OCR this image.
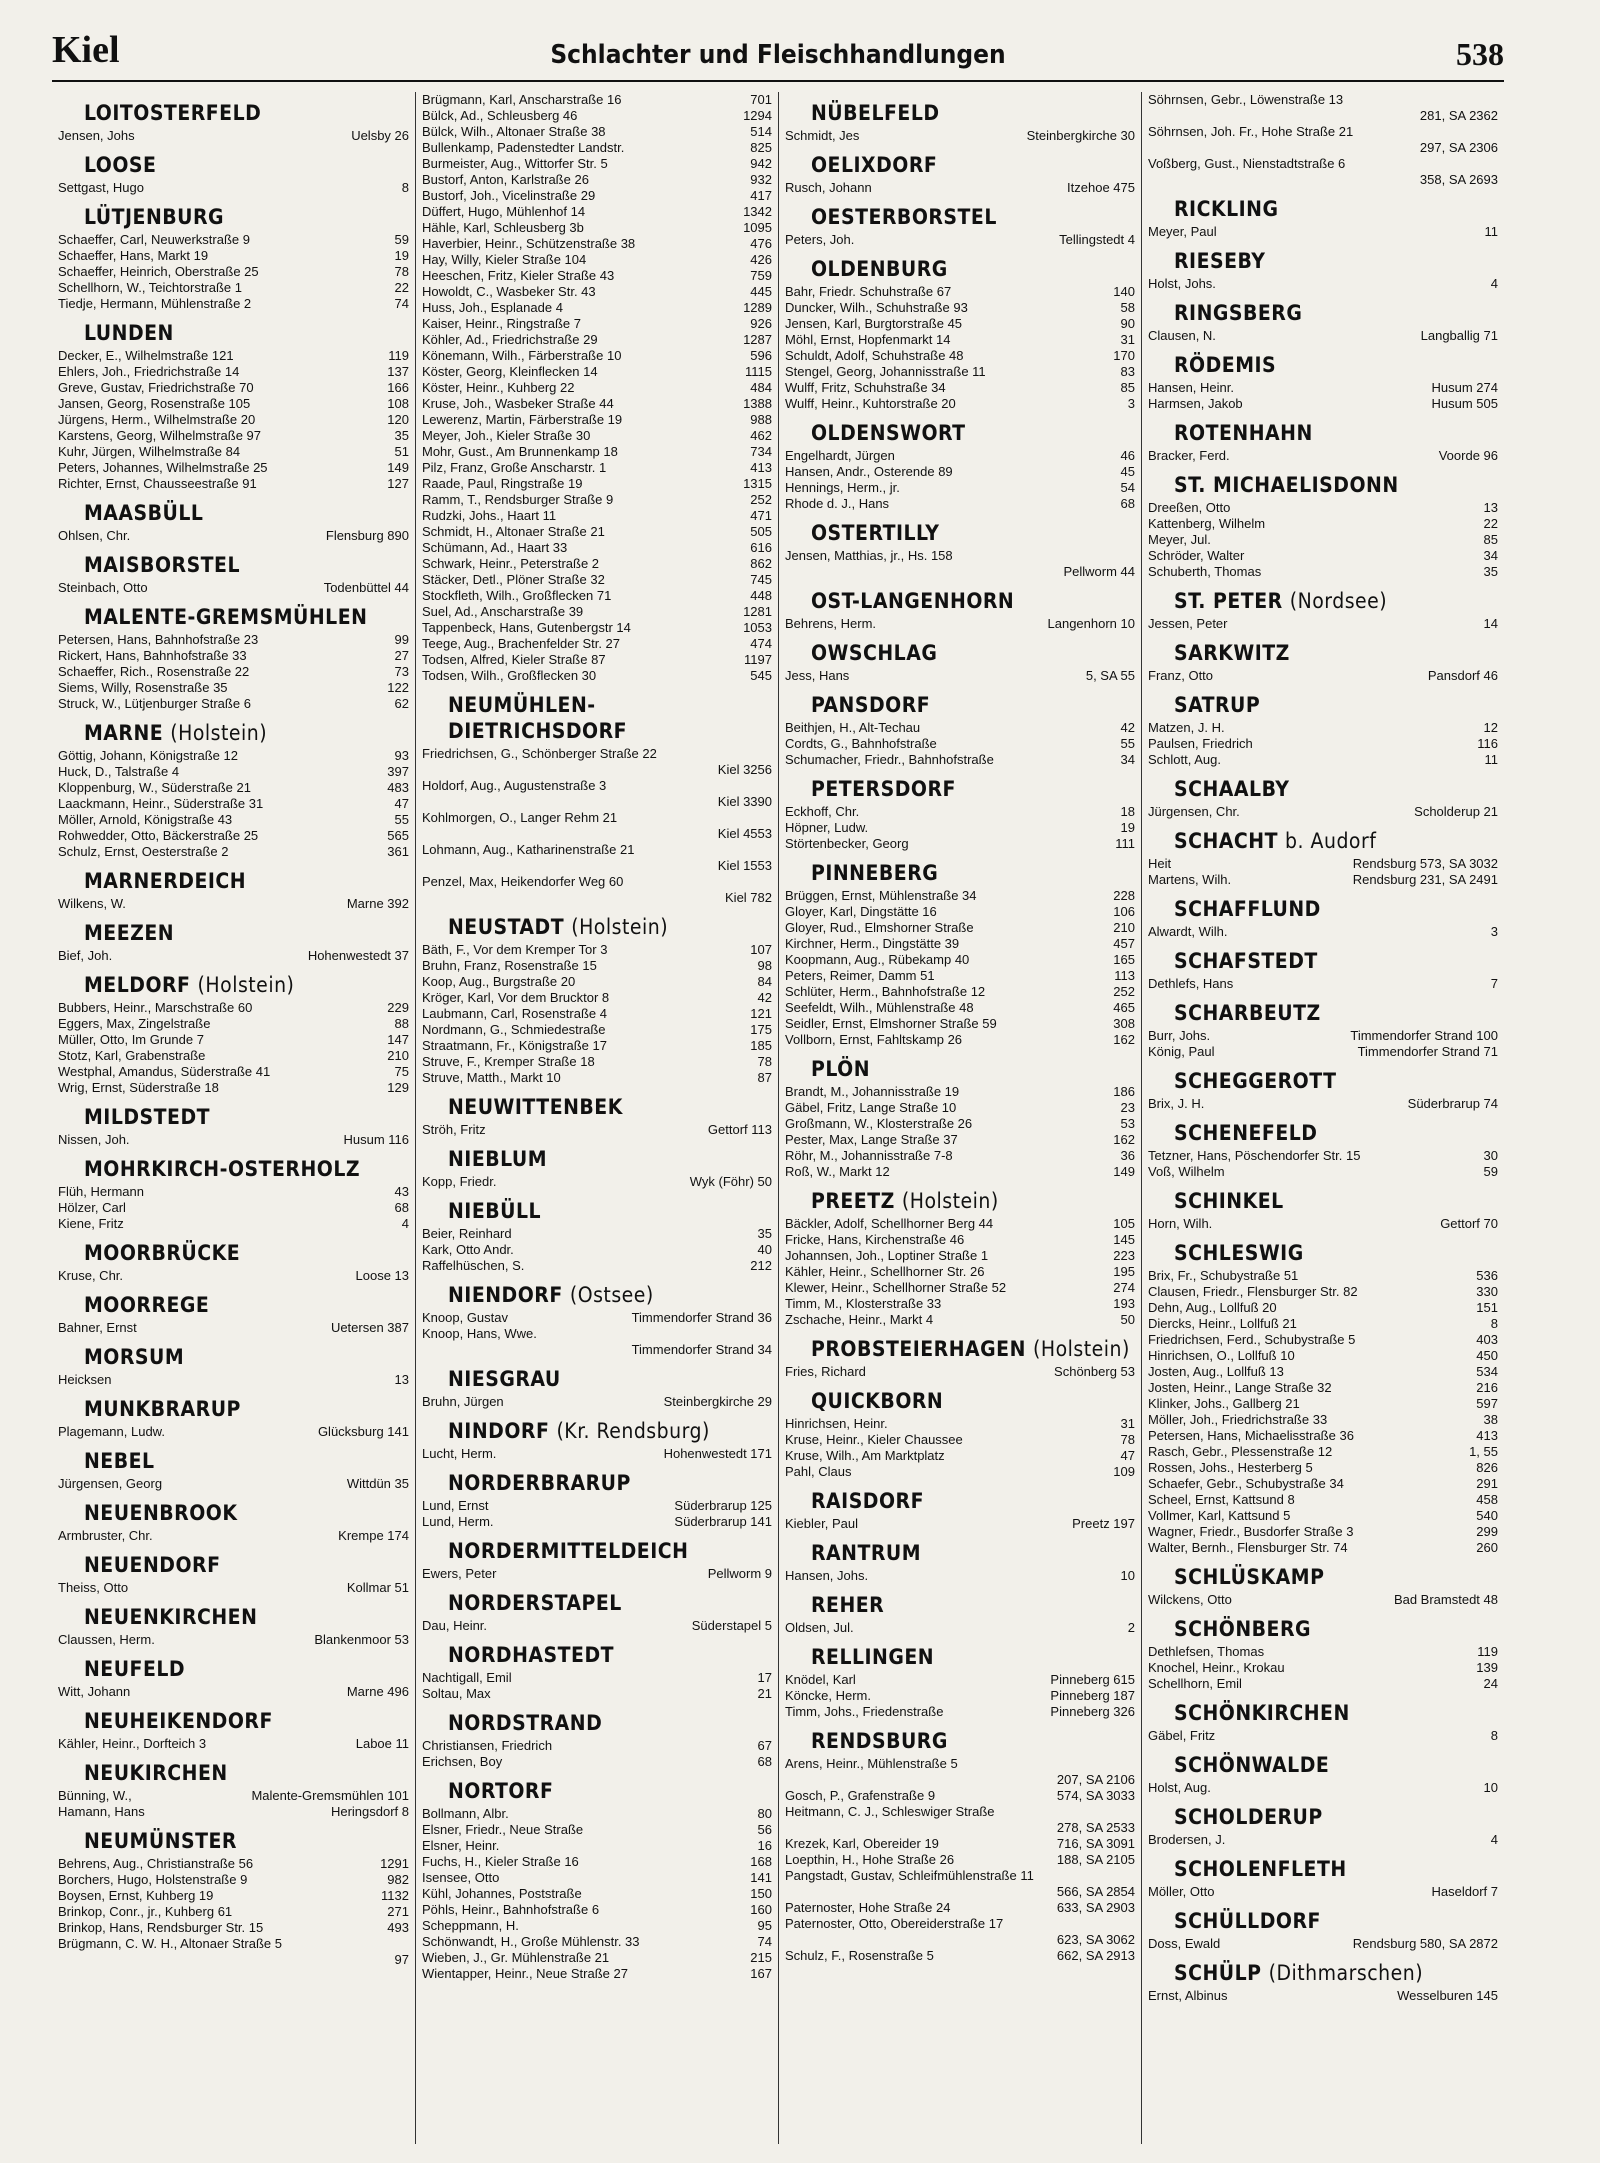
Kiel	Schlachter und Fleischhandlungen	538
LOITOSTERFELD
Jensen, Johs	Uelsby 26
LOOSE
Settgast, Hugo	8
LÜTJENBURG
Schaeffer, Carl, Neuwerkstraße 9	59
Schaeffer, Hans, Markt 19	19
Schaeffer, Heinrich, Oberstraße 25	78
Schellhorn, W., Teichtorstraße 1	22
Tiedje, Hermann, Mühlenstraße 2	74
LUNDEN
Decker, E., Wilhelmstraße 121	119
Ehlers, Joh., Friedrichstraße 14	137
Greve, Gustav, Friedrichstraße 70	166
Jansen, Georg, Rosenstraße 105	108
Jürgens, Herm., Wilhelmstraße 20	120
Karstens, Georg, Wilhelmstraße 97	35
Kuhr, Jürgen, Wilhelmstraße 84	51
Peters, Johannes, Wilhelmstraße 25	149
Richter, Ernst, Chausseestraße 91	127
MAASBÜLL
Ohlsen, Chr.	Flensburg 890
MAISBORSTEL
Steinbach, Otto	Todenbüttel 44
MALENTE-GREMSMÜHLEN
Petersen, Hans, Bahnhofstraße 23	99
Rickert, Hans, Bahnhofstraße 33	27
Schaeffer, Rich., Rosenstraße 22	73
Siems, Willy, Rosenstraße 35	122
Struck, W., Lütjenburger Straße 6	62
MARNE (Holstein)
Göttig, Johann, Königstraße 12	93
Huck, D., Talstraße 4	397
Kloppenburg, W., Süderstraße 21	483
Laackmann, Heinr., Süderstraße 31	47
Möller, Arnold, Königstraße 43	55
Rohwedder, Otto, Bäckerstraße 25	565
Schulz, Ernst, Oesterstraße 2	361
MARNERDEICH
Wilkens, W.	Marne 392
MEEZEN
Bief, Joh.	Hohenwestedt 37
MELDORF (Holstein)
Bubbers, Heinr., Marschstraße 60	229
Eggers, Max, Zingelstraße	88
Müller, Otto, Im Grunde 7	147
Stotz, Karl, Grabenstraße	210
Westphal, Amandus, Süderstraße 41	75
Wrig, Ernst, Süderstraße 18	129
MILDSTEDT
Nissen, Joh.	Husum 116
MOHRKIRCH-OSTERHOLZ
Flüh, Hermann	43
Hölzer, Carl	68
Kiene, Fritz	4
MOORBRÜCKE
Kruse, Chr.	Loose 13
MOORREGE
Bahner, Ernst	Uetersen 387
MORSUM
Heicksen	13
MUNKBRARUP
Plagemann, Ludw.	Glücksburg 141
NEBEL
Jürgensen, Georg	Wittdün 35
NEUENBROOK
Armbruster, Chr.	Krempe 174
NEUENDORF
Theiss, Otto	Kollmar 51
NEUENKIRCHEN
Claussen, Herm.	Blankenmoor 53
NEUFELD
Witt, Johann	Marne 496
NEUHEIKENDORF
Kähler, Heinr., Dorfteich 3	Laboe 11
NEUKIRCHEN
Bünning, W.,	Malente-Gremsmühlen 101
Hamann, Hans	Heringsdorf 8
NEUMÜNSTER
Behrens, Aug., Christianstraße 56	1291
Borchers, Hugo, Holstenstraße 9	982
Boysen, Ernst, Kuhberg 19	1132
Brinkop, Conr., jr., Kuhberg 61	271
Brinkop, Hans, Rendsburger Str. 15	493
Brügmann, C. W. H., Altonaer Straße 5
97
Brügmann, Karl, Anscharstraße 16	701
Bülck, Ad., Schleusberg 46	1294
Bülck, Wilh., Altonaer Straße 38	514
Bullenkamp, Padenstedter Landstr.	825
Burmeister, Aug., Wittorfer Str. 5	942
Bustorf, Anton, Karlstraße 26	932
Bustorf, Joh., Vicelinstraße 29	417
Düffert, Hugo, Mühlenhof 14	1342
Hähle, Karl, Schleusberg 3b	1095
Haverbier, Heinr., Schützenstraße 38	476
Hay, Willy, Kieler Straße 104	426
Heeschen, Fritz, Kieler Straße 43	759
Howoldt, C., Wasbeker Str. 43	445
Huss, Joh., Esplanade 4	1289
Kaiser, Heinr., Ringstraße 7	926
Köhler, Ad., Friedrichstraße 29	1287
Könemann, Wilh., Färberstraße 10	596
Köster, Georg, Kleinflecken 14	1115
Köster, Heinr., Kuhberg 22	484
Kruse, Joh., Wasbeker Straße 44	1388
Lewerenz, Martin, Färberstraße 19	988
Meyer, Joh., Kieler Straße 30	462
Mohr, Gust., Am Brunnenkamp 18	734
Pilz, Franz, Große Anscharstr. 1	413
Raade, Paul, Ringstraße 19	1315
Ramm, T., Rendsburger Straße 9	252
Rudzki, Johs., Haart 11	471
Schmidt, H., Altonaer Straße 21	505
Schümann, Ad., Haart 33	616
Schwark, Heinr., Peterstraße 2	862
Stäcker, Detl., Plöner Straße 32	745
Stockfleth, Wilh., Großflecken 71	448
Suel, Ad., Anscharstraße 39	1281
Tappenbeck, Hans, Gutenbergstr 14	1053
Teege, Aug., Brachenfelder Str. 27	474
Todsen, Alfred, Kieler Straße 87	1197
Todsen, Wilh., Großflecken 30	545
NEUMÜHLEN-DIETRICHSDORF
Friedrichsen, G., Schönberger Straße 22
Kiel 3256
Holdorf, Aug., Augustenstraße 3
Kiel 3390
Kohlmorgen, O., Langer Rehm 21
Kiel 4553
Lohmann, Aug., Katharinenstraße 21
Kiel 1553
Penzel, Max, Heikendorfer Weg 60
Kiel 782
NEUSTADT (Holstein)
Bäth, F., Vor dem Kremper Tor 3	107
Bruhn, Franz, Rosenstraße 15	98
Koop, Aug., Burgstraße 20	84
Kröger, Karl, Vor dem Brucktor 8	42
Laubmann, Carl, Rosenstraße 4	121
Nordmann, G., Schmiedestraße	175
Straatmann, Fr., Königstraße 17	185
Struve, F., Kremper Straße 18	78
Struve, Matth., Markt 10	87
NEUWITTENBEK
Ströh, Fritz	Gettorf 113
NIEBLUM
Kopp, Friedr.	Wyk (Föhr) 50
NIEBÜLL
Beier, Reinhard	35
Kark, Otto Andr.	40
Raffelhüschen, S.	212
NIENDORF (Ostsee)
Knoop, Gustav	Timmendorfer Strand 36
Knoop, Hans, Wwe.
Timmendorfer Strand 34
NIESGRAU
Bruhn, Jürgen	Steinbergkirche 29
NINDORF (Kr. Rendsburg)
Lucht, Herm.	Hohenwestedt 171
NORDERBRARUP
Lund, Ernst	Süderbrarup 125
Lund, Herm.	Süderbrarup 141
NORDERMITTELDEICH
Ewers, Peter	Pellworm 9
NORDERSTAPEL
Dau, Heinr.	Süderstapel 5
NORDHASTEDT
Nachtigall, Emil	17
Soltau, Max	21
NORDSTRAND
Christiansen, Friedrich	67
Erichsen, Boy	68
NORTORF
Bollmann, Albr.	80
Elsner, Friedr., Neue Straße	56
Elsner, Heinr.	16
Fuchs, H., Kieler Straße 16	168
Isensee, Otto	141
Kühl, Johannes, Poststraße	150
Pöhls, Heinr., Bahnhofstraße 6	160
Scheppmann, H.	95
Schönwandt, H., Große Mühlenstr. 33	74
Wieben, J., Gr. Mühlenstraße 21	215
Wientapper, Heinr., Neue Straße 27	167
NÜBELFELD
Schmidt, Jes	Steinbergkirche 30
OELIXDORF
Rusch, Johann	Itzehoe 475
OESTERBORSTEL
Peters, Joh.	Tellingstedt 4
OLDENBURG
Bahr, Friedr. Schuhstraße 67	140
Duncker, Wilh., Schuhstraße 93	58
Jensen, Karl, Burgtorstraße 45	90
Möhl, Ernst, Hopfenmarkt 14	31
Schuldt, Adolf, Schuhstraße 48	170
Stengel, Georg, Johannisstraße 11	83
Wulff, Fritz, Schuhstraße 34	85
Wulff, Heinr., Kuhtorstraße 20	3
OLDENSWORT
Engelhardt, Jürgen	46
Hansen, Andr., Osterende 89	45
Hennings, Herm., jr.	54
Rhode d. J., Hans	68
OSTERTILLY
Jensen, Matthias, jr., Hs. 158
Pellworm 44
OST-LANGENHORN
Behrens, Herm.	Langenhorn 10
OWSCHLAG
Jess, Hans	5, SA 55
PANSDORF
Beithjen, H., Alt-Techau	42
Cordts, G., Bahnhofstraße	55
Schumacher, Friedr., Bahnhofstraße	34
PETERSDORF
Eckhoff, Chr.	18
Höpner, Ludw.	19
Störtenbecker, Georg	111
PINNEBERG
Brüggen, Ernst, Mühlenstraße 34	228
Gloyer, Karl, Dingstätte 16	106
Gloyer, Rud., Elmshorner Straße	210
Kirchner, Herm., Dingstätte 39	457
Koopmann, Aug., Rübekamp 40	165
Peters, Reimer, Damm 51	113
Schlüter, Herm., Bahnhofstraße 12	252
Seefeldt, Wilh., Mühlenstraße 48	465
Seidler, Ernst, Elmshorner Straße 59	308
Vollborn, Ernst, Fahltskamp 26	162
PLÖN
Brandt, M., Johannisstraße 19	186
Gäbel, Fritz, Lange Straße 10	23
Großmann, W., Klosterstraße 26	53
Pester, Max, Lange Straße 37	162
Röhr, M., Johannisstraße 7-8	36
Roß, W., Markt 12	149
PREETZ (Holstein)
Bäckler, Adolf, Schellhorner Berg 44	105
Fricke, Hans, Kirchenstraße 46	145
Johannsen, Joh., Loptiner Straße 1	223
Kähler, Heinr., Schellhorner Str. 26	195
Klewer, Heinr., Schellhorner Straße 52	274
Timm, M., Klosterstraße 33	193
Zschache, Heinr., Markt 4	50
PROBSTEIERHAGEN (Holstein)
Fries, Richard	Schönberg 53
QUICKBORN
Hinrichsen, Heinr.	31
Kruse, Heinr., Kieler Chaussee	78
Kruse, Wilh., Am Marktplatz	47
Pahl, Claus	109
RAISDORF
Kiebler, Paul	Preetz 197
RANTRUM
Hansen, Johs.	10
REHER
Oldsen, Jul.	2
RELLINGEN
Knödel, Karl	Pinneberg 615
Köncke, Herm.	Pinneberg 187
Timm, Johs., Friedenstraße	Pinneberg 326
RENDSBURG
Arens, Heinr., Mühlenstraße 5
207, SA 2106
Gosch, P., Grafenstraße 9	574, SA 3033
Heitmann, C. J., Schleswiger Straße
278, SA 2533
Krezek, Karl, Obereider 19	716, SA 3091
Loepthin, H., Hohe Straße 26	188, SA 2105
Pangstadt, Gustav, Schleifmühlenstraße 11
566, SA 2854
Paternoster, Hohe Straße 24	633, SA 2903
Paternoster, Otto, Obereiderstraße 17
623, SA 3062
Schulz, F., Rosenstraße 5	662, SA 2913
Söhrnsen, Gebr., Löwenstraße 13
281, SA 2362
Söhrnsen, Joh. Fr., Hohe Straße 21
297, SA 2306
Voßberg, Gust., Nienstadtstraße 6
358, SA 2693
RICKLING
Meyer, Paul	11
RIESEBY
Holst, Johs.	4
RINGSBERG
Clausen, N.	Langballig 71
RÖDEMIS
Hansen, Heinr.	Husum 274
Harmsen, Jakob	Husum 505
ROTENHAHN
Bracker, Ferd.	Voorde 96
ST. MICHAELISDONN
Dreeßen, Otto	13
Kattenberg, Wilhelm	22
Meyer, Jul.	85
Schröder, Walter	34
Schuberth, Thomas	35
ST. PETER (Nordsee)
Jessen, Peter	14
SARKWITZ
Franz, Otto	Pansdorf 46
SATRUP
Matzen, J. H.	12
Paulsen, Friedrich	116
Schlott, Aug.	11
SCHAALBY
Jürgensen, Chr.	Scholderup 21
SCHACHT b. Audorf
Heit	Rendsburg 573, SA 3032
Martens, Wilh.	Rendsburg 231, SA 2491
SCHAFFLUND
Alwardt, Wilh.	3
SCHAFSTEDT
Dethlefs, Hans	7
SCHARBEUTZ
Burr, Johs.	Timmendorfer Strand 100
König, Paul	Timmendorfer Strand 71
SCHEGGEROTT
Brix, J. H.	Süderbrarup 74
SCHENEFELD
Tetzner, Hans, Pöschendorfer Str. 15	30
Voß, Wilhelm	59
SCHINKEL
Horn, Wilh.	Gettorf 70
SCHLESWIG
Brix, Fr., Schubystraße 51	536
Clausen, Friedr., Flensburger Str. 82	330
Dehn, Aug., Lollfuß 20	151
Diercks, Heinr., Lollfuß 21	8
Friedrichsen, Ferd., Schubystraße 5	403
Hinrichsen, O., Lollfuß 10	450
Josten, Aug., Lollfuß 13	534
Josten, Heinr., Lange Straße 32	216
Klinker, Johs., Gallberg 21	597
Möller, Joh., Friedrichstraße 33	38
Petersen, Hans, Michaelisstraße 36	413
Rasch, Gebr., Plessenstraße 12	1, 55
Rossen, Johs., Hesterberg 5	826
Schaefer, Gebr., Schubystraße 34	291
Scheel, Ernst, Kattsund 8	458
Vollmer, Karl, Kattsund 5	540
Wagner, Friedr., Busdorfer Straße 3	299
Walter, Bernh., Flensburger Str. 74	260
SCHLÜSKAMP
Wilckens, Otto	Bad Bramstedt 48
SCHÖNBERG
Dethlefsen, Thomas	119
Knochel, Heinr., Krokau	139
Schellhorn, Emil	24
SCHÖNKIRCHEN
Gäbel, Fritz	8
SCHÖNWALDE
Holst, Aug.	10
SCHOLDERUP
Brodersen, J.	4
SCHOLENFLETH
Möller, Otto	Haseldorf 7
SCHÜLLDORF
Doss, Ewald	Rendsburg 580, SA 2872
SCHÜLP (Dithmarschen)
Ernst, Albinus	Wesselburen 145
